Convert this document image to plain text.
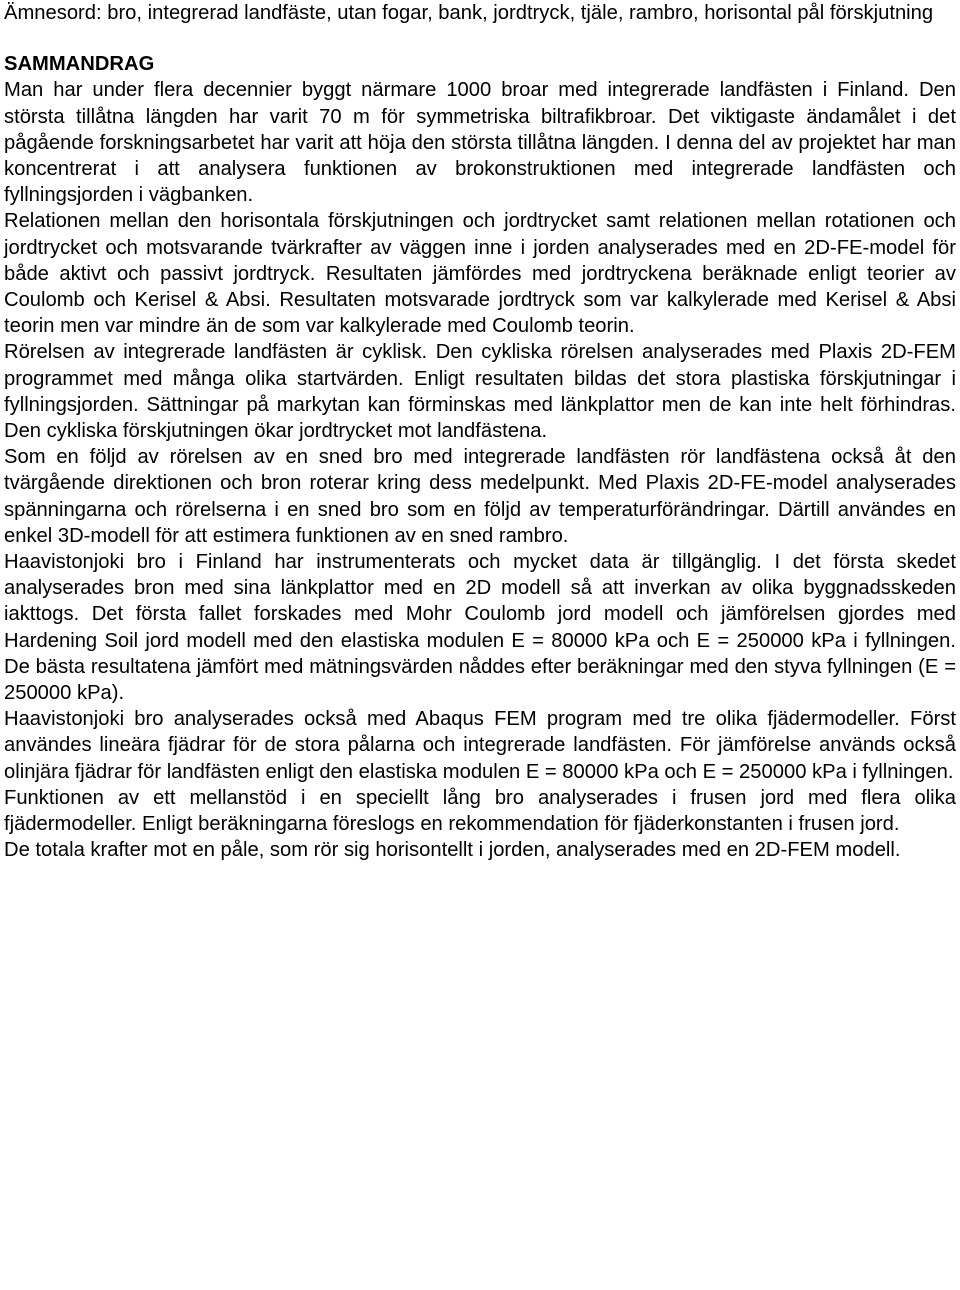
Ämnesord: bro, integrerad landfäste, utan fogar, bank, jordtryck, tjäle, rambro, horisontal pål förskjutning

SAMMANDRAG

Man har under flera decennier byggt närmare 1000 broar med integrerade landfästen i Finland. Den största tillåtna längden har varit 70 m för symmetriska biltrafikbroar. Det viktigaste ändamålet i det pågående forskningsarbetet har varit att höja den största tillåtna längden. I denna del av projektet har man koncentrerat i att analysera funktionen av brokonstruktionen med integrerade landfästen och fyllningsjorden i vägbanken.

Relationen mellan den horisontala förskjutningen och jordtrycket samt relationen mellan rotationen och jordtrycket och motsvarande tvärkrafter av väggen inne i jorden analyserades med en 2D-FE-model för både aktivt och passivt jordtryck. Resultaten jämfördes med jordtryckena beräknade enligt teorier av Coulomb och Kerisel & Absi. Resultaten motsvarade jordtryck som var kalkylerade med Kerisel & Absi teorin men var mindre än de som var kalkylerade med Coulomb teorin.

Rörelsen av integrerade landfästen är cyklisk. Den cykliska rörelsen analyserades med Plaxis 2D-FEM programmet med många olika startvärden. Enligt resultaten bildas det stora plastiska förskjutningar i fyllningsjorden. Sättningar på markytan kan förminskas med länkplattor men de kan inte helt förhindras. Den cykliska förskjutningen ökar jordtrycket mot landfästena.

Som en följd av rörelsen av en sned bro med integrerade landfästen rör landfästena också åt den tvärgående direktionen och bron roterar kring dess medelpunkt. Med Plaxis 2D-FE-model analyserades spänningarna och rörelserna i en sned bro som en följd av temperaturförändringar. Därtill användes en enkel 3D-modell för att estimera funktionen av en sned rambro.

Haavistonjoki bro i Finland har instrumenterats och mycket data är tillgänglig. I det första skedet analyserades bron med sina länkplattor med en 2D modell så att inverkan av olika byggnadsskeden iakttogs. Det första fallet forskades med Mohr Coulomb jord modell och jämförelsen gjordes med Hardening Soil jord modell med den elastiska modulen E = 80000 kPa och E = 250000 kPa i fyllningen. De bästa resultatena jämfört med mätningsvärden nåddes efter beräkningar med den styva fyllningen (E = 250000 kPa).

Haavistonjoki bro analyserades också med Abaqus FEM program med tre olika fjädermodeller. Först användes lineära fjädrar för de stora pålarna och integrerade landfästen. För jämförelse används också olinjära fjädrar för landfästen enligt den elastiska modulen E = 80000 kPa och E = 250000 kPa i fyllningen.

Funktionen av ett mellanstöd i en speciellt lång bro analyserades i frusen jord med flera olika fjädermodeller. Enligt beräkningarna föreslogs en rekommendation för fjäderkonstanten i frusen jord.

De totala krafter mot en påle, som rör sig horisontellt i jorden, analyserades med en 2D-FEM modell.
